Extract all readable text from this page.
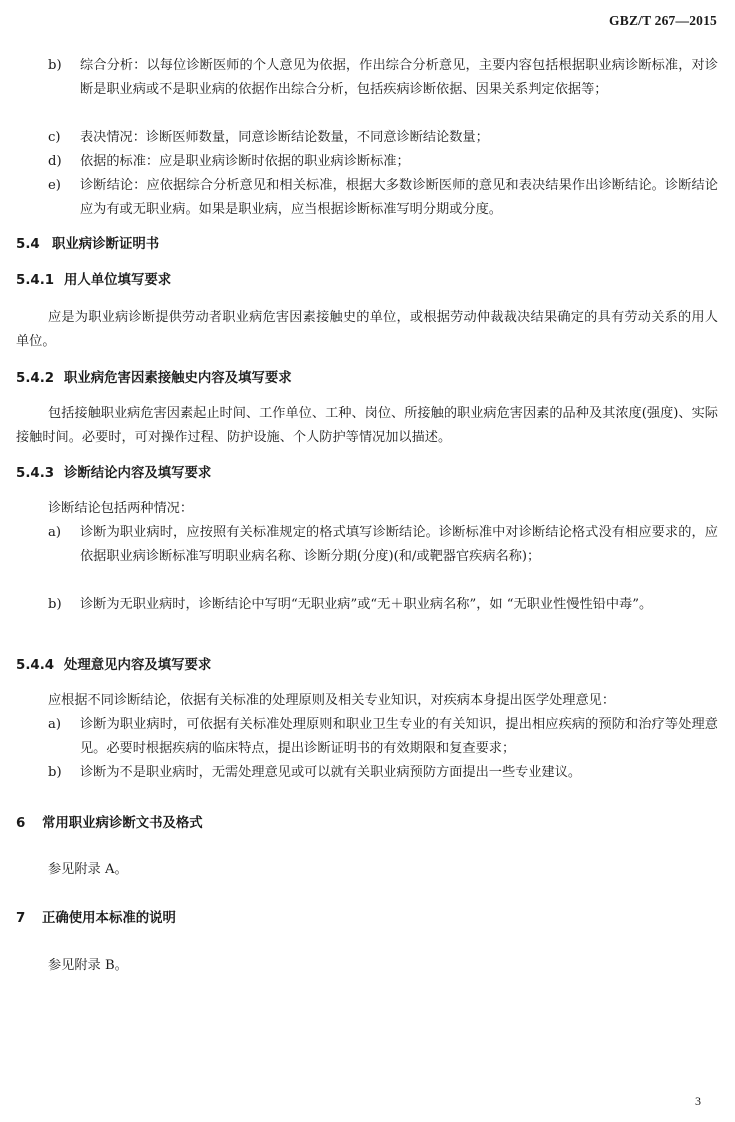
GBZ/T 267—2015
b) 综合分析：以每位诊断医师的个人意见为依据，作出综合分析意见，主要内容包括根据职业病诊断标准，对诊断是职业病或不是职业病的依据作出综合分析，包括疾病诊断依据、因果关系判定依据等；
c) 表决情况：诊断医师数量，同意诊断结论数量，不同意诊断结论数量；
d) 依据的标准：应是职业病诊断时依据的职业病诊断标准；
e) 诊断结论：应依据综合分析意见和相关标准，根据大多数诊断医师的意见和表决结果作出诊断结论。诊断结论应为有或无职业病。如果是职业病，应当根据诊断标准写明分期或分度。
5.4 职业病诊断证明书
5.4.1 用人单位填写要求
应是为职业病诊断提供劳动者职业病危害因素接触史的单位，或根据劳动仲裁裁决结果确定的具有劳动关系的用人单位。
5.4.2 职业病危害因素接触史内容及填写要求
包括接触职业病危害因素起止时间、工作单位、工种、岗位、所接触的职业病危害因素的品种及其浓度(强度)、实际接触时间。必要时，可对操作过程、防护设施、个人防护等情况加以描述。
5.4.3 诊断结论内容及填写要求
诊断结论包括两种情况：
a) 诊断为职业病时，应按照有关标准规定的格式填写诊断结论。诊断标准中对诊断结论格式没有相应要求的，应依据职业病诊断标准写明职业病名称、诊断分期(分度)(和/或靶器官疾病名称)；
b) 诊断为无职业病时，诊断结论中写明“无职业病”或“无＋职业病名称”，如 “无职业性慢性铅中毒”。
5.4.4 处理意见内容及填写要求
应根据不同诊断结论，依据有关标准的处理原则及相关专业知识，对疾病本身提出医学处理意见：
a) 诊断为职业病时，可依据有关标准处理原则和职业卫生专业的有关知识，提出相应疾病的预防和治疗等处理意见。必要时根据疾病的临床特点，提出诊断证明书的有效期限和复查要求；
b) 诊断为不是职业病时，无需处理意见或可以就有关职业病预防方面提出一些专业建议。
6 常用职业病诊断文书及格式
参见附录 A。
7 正确使用本标准的说明
参见附录 B。
3
